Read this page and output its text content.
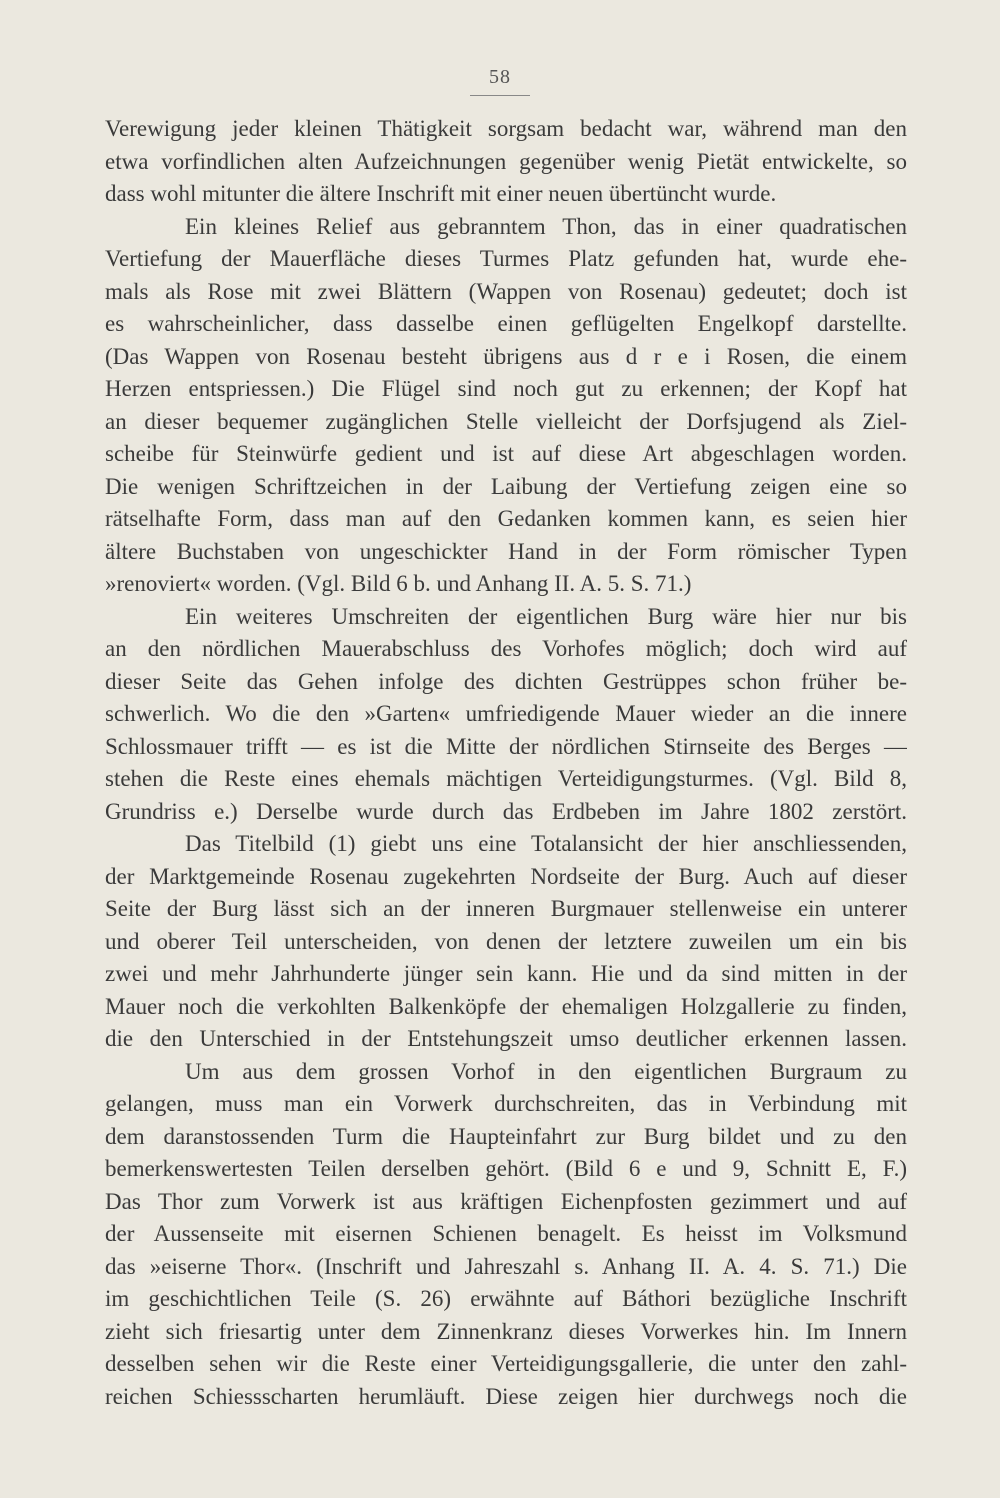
58
Verewigung jeder kleinen Thätigkeit sorgsam bedacht war, während man den
etwa vorfindlichen alten Aufzeichnungen gegenüber wenig Pietät entwickelte, so
dass wohl mitunter die ältere Inschrift mit einer neuen übertüncht wurde.
Ein kleines Relief aus gebranntem Thon, das in einer quadratischen
Vertiefung der Mauerfläche dieses Turmes Platz gefunden hat, wurde ehe-
mals als Rose mit zwei Blättern (Wappen von Rosenau) gedeutet; doch ist
es wahrscheinlicher, dass dasselbe einen geflügelten Engelkopf darstellte.
(Das Wappen von Rosenau besteht übrigens aus d r e i Rosen, die einem
Herzen entspriessen.) Die Flügel sind noch gut zu erkennen; der Kopf hat
an dieser bequemer zugänglichen Stelle vielleicht der Dorfsjugend als Ziel-
scheibe für Steinwürfe gedient und ist auf diese Art abgeschlagen worden.
Die wenigen Schriftzeichen in der Laibung der Vertiefung zeigen eine so
rätselhafte Form, dass man auf den Gedanken kommen kann, es seien hier
ältere Buchstaben von ungeschickter Hand in der Form römischer Typen
»renoviert« worden. (Vgl. Bild 6 b. und Anhang II. A. 5. S. 71.)
Ein weiteres Umschreiten der eigentlichen Burg wäre hier nur bis
an den nördlichen Mauerabschluss des Vorhofes möglich; doch wird auf
dieser Seite das Gehen infolge des dichten Gestrüppes schon früher be-
schwerlich. Wo die den »Garten« umfriedigende Mauer wieder an die innere
Schlossmauer trifft — es ist die Mitte der nördlichen Stirnseite des Berges —
stehen die Reste eines ehemals mächtigen Verteidigungsturmes. (Vgl. Bild 8,
Grundriss e.) Derselbe wurde durch das Erdbeben im Jahre 1802 zerstört.
Das Titelbild (1) giebt uns eine Totalansicht der hier anschliessenden,
der Marktgemeinde Rosenau zugekehrten Nordseite der Burg. Auch auf dieser
Seite der Burg lässt sich an der inneren Burgmauer stellenweise ein unterer
und oberer Teil unterscheiden, von denen der letztere zuweilen um ein bis
zwei und mehr Jahrhunderte jünger sein kann. Hie und da sind mitten in der
Mauer noch die verkohlten Balkenköpfe der ehemaligen Holzgallerie zu finden,
die den Unterschied in der Entstehungszeit umso deutlicher erkennen lassen.
Um aus dem grossen Vorhof in den eigentlichen Burgraum zu
gelangen, muss man ein Vorwerk durchschreiten, das in Verbindung mit
dem daranstossenden Turm die Haupteinfahrt zur Burg bildet und zu den
bemerkenswertesten Teilen derselben gehört. (Bild 6 e und 9, Schnitt E, F.)
Das Thor zum Vorwerk ist aus kräftigen Eichenpfosten gezimmert und auf
der Aussenseite mit eisernen Schienen benagelt. Es heisst im Volksmund
das »eiserne Thor«. (Inschrift und Jahreszahl s. Anhang II. A. 4. S. 71.) Die
im geschichtlichen Teile (S. 26) erwähnte auf Báthori bezügliche Inschrift
zieht sich friesartig unter dem Zinnenkranz dieses Vorwerkes hin. Im Innern
desselben sehen wir die Reste einer Verteidigungsgallerie, die unter den zahl-
reichen Schiessscharten herumläuft. Diese zeigen hier durchwegs noch die
